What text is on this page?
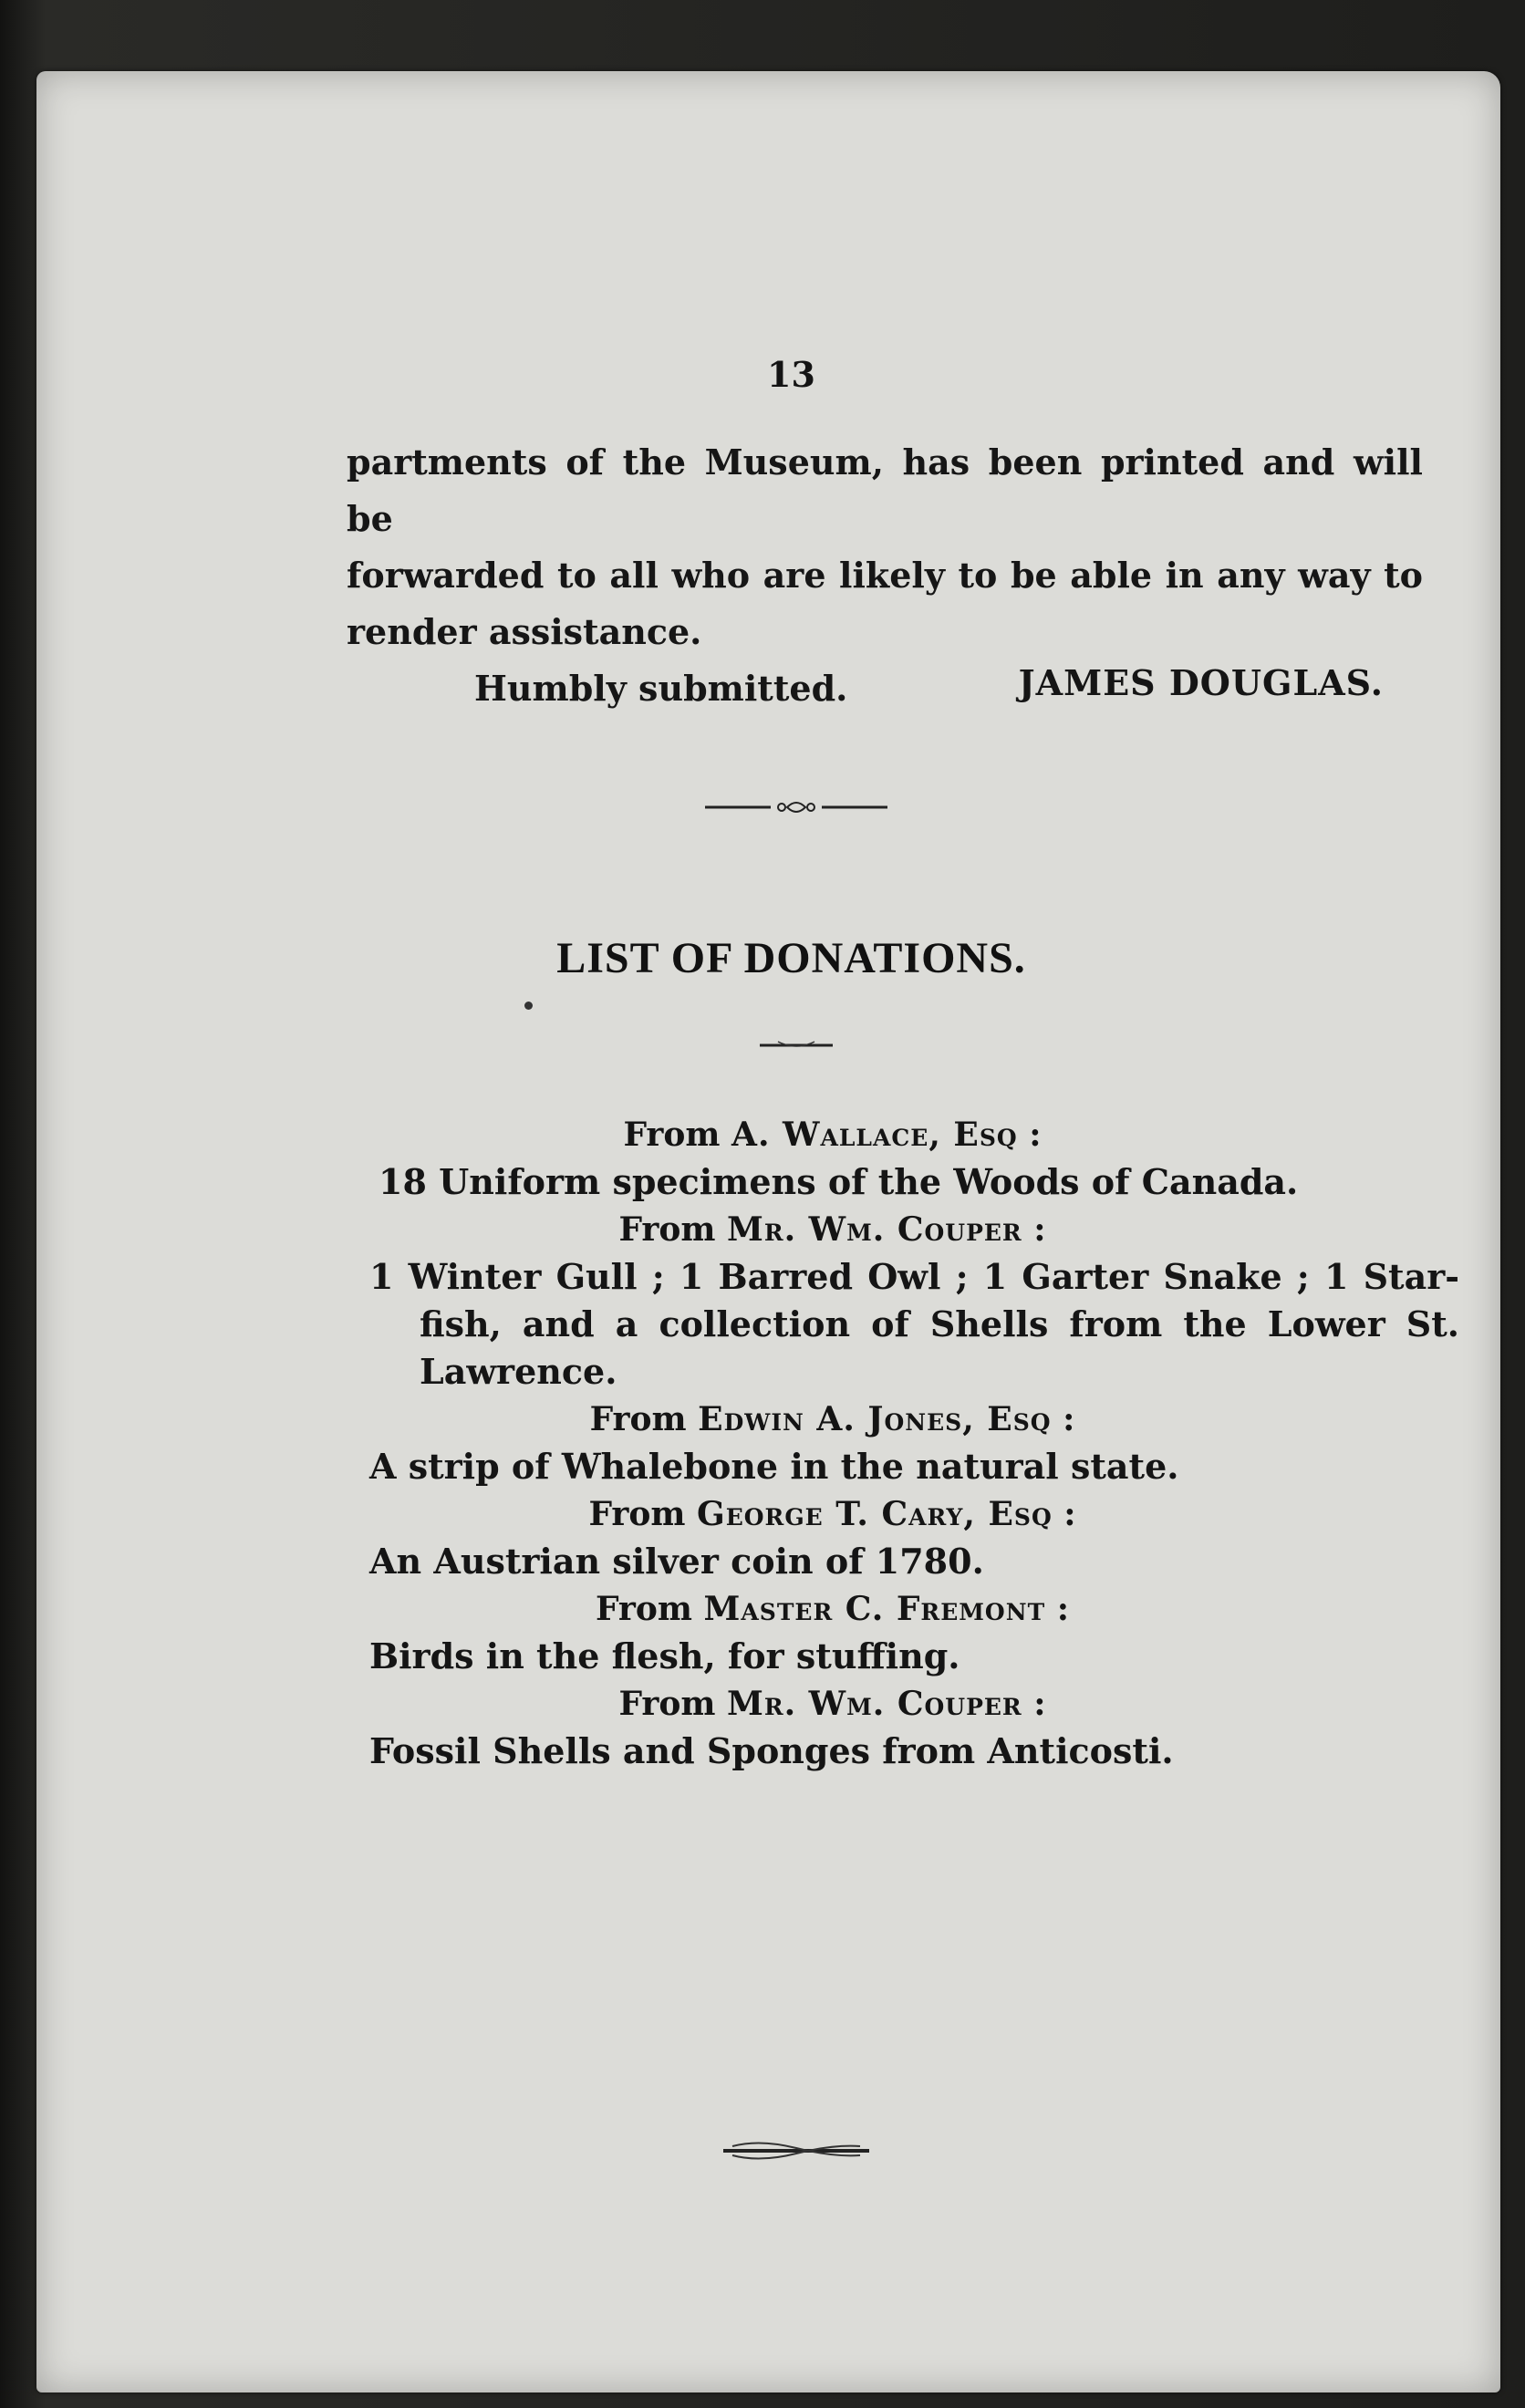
13
partments of the Museum, has been printed and will be
forwarded to all who are likely to be able in any way to
render assistance.
Humbly submitted.	JAMES DOUGLAS.
LIST OF DONATIONS.
From A. Wallace, Esq :
18 Uniform specimens of the Woods of Canada.
From Mr. Wm. Couper :
1 Winter Gull ; 1 Barred Owl ; 1 Garter Snake ; 1 Star-fish, and a collection of Shells from the Lower St. Lawrence.
From Edwin A. Jones, Esq :
A strip of Whalebone in the natural state.
From George T. Cary, Esq :
An Austrian silver coin of 1780.
From Master C. Fremont :
Birds in the flesh, for stuffing.
From Mr. Wm. Couper :
Fossil Shells and Sponges from Anticosti.
